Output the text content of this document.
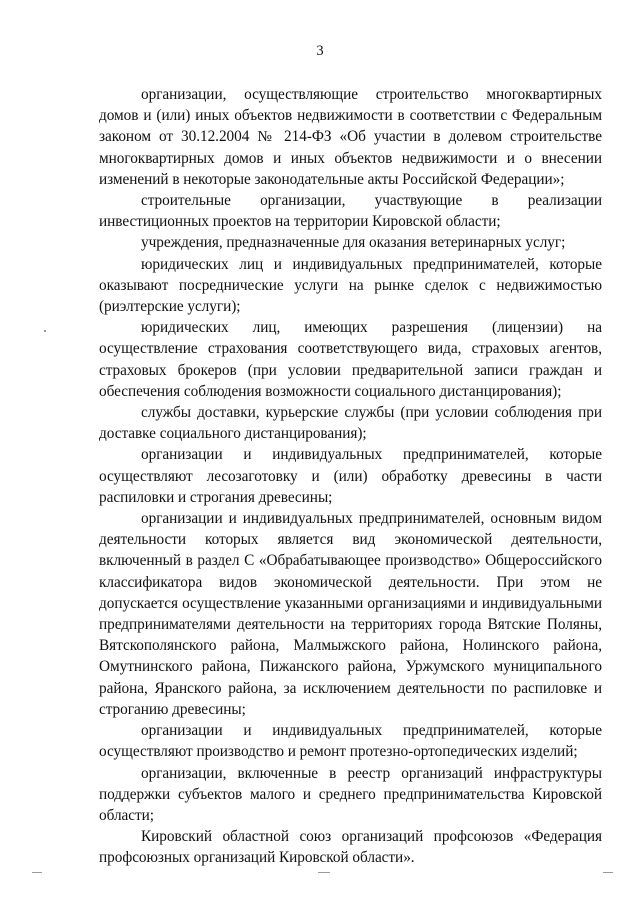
3

организации, осуществляющие строительство многоквартирных домов и (или) иных объектов недвижимости в соответствии с Федеральным законом от 30.12.2004 № 214-ФЗ «Об участии в долевом строительстве многоквартирных домов и иных объектов недвижимости и о внесении изменений в некоторые законодательные акты Российской Федерации»;

строительные организации, участвующие в реализации инвестиционных проектов на территории Кировской области;

учреждения, предназначенные для оказания ветеринарных услуг;

юридических лиц и индивидуальных предпринимателей, которые оказывают посреднические услуги на рынке сделок с недвижимостью (риэлтерские услуги);

юридических лиц, имеющих разрешения (лицензии) на осуществление страхования соответствующего вида, страховых агентов, страховых брокеров (при условии предварительной записи граждан и обеспечения соблюдения возможности социального дистанцирования);

службы доставки, курьерские службы (при условии соблюдения при доставке социального дистанцирования);

организации и индивидуальных предпринимателей, которые осуществляют лесозаготовку и (или) обработку древесины в части распиловки и строгания древесины;

организации и индивидуальных предпринимателей, основным видом деятельности которых является вид экономической деятельности, включенный в раздел С «Обрабатывающее производство» Общероссийского классификатора видов экономической деятельности. При этом не допускается осуществление указанными организациями и индивидуальными предпринимателями деятельности на территориях города Вятские Поляны, Вятскополянского района, Малмыжского района, Нолинского района, Омутнинского района, Пижанского района, Уржумского муниципального района, Яранского района, за исключением деятельности по распиловке и строганию древесины;

организации и индивидуальных предпринимателей, которые осуществляют производство и ремонт протезно-ортопедических изделий;

организации, включенные в реестр организаций инфраструктуры поддержки субъектов малого и среднего предпринимательства Кировской области;

Кировский областной союз организаций профсоюзов «Федерация профсоюзных организаций Кировской области».
